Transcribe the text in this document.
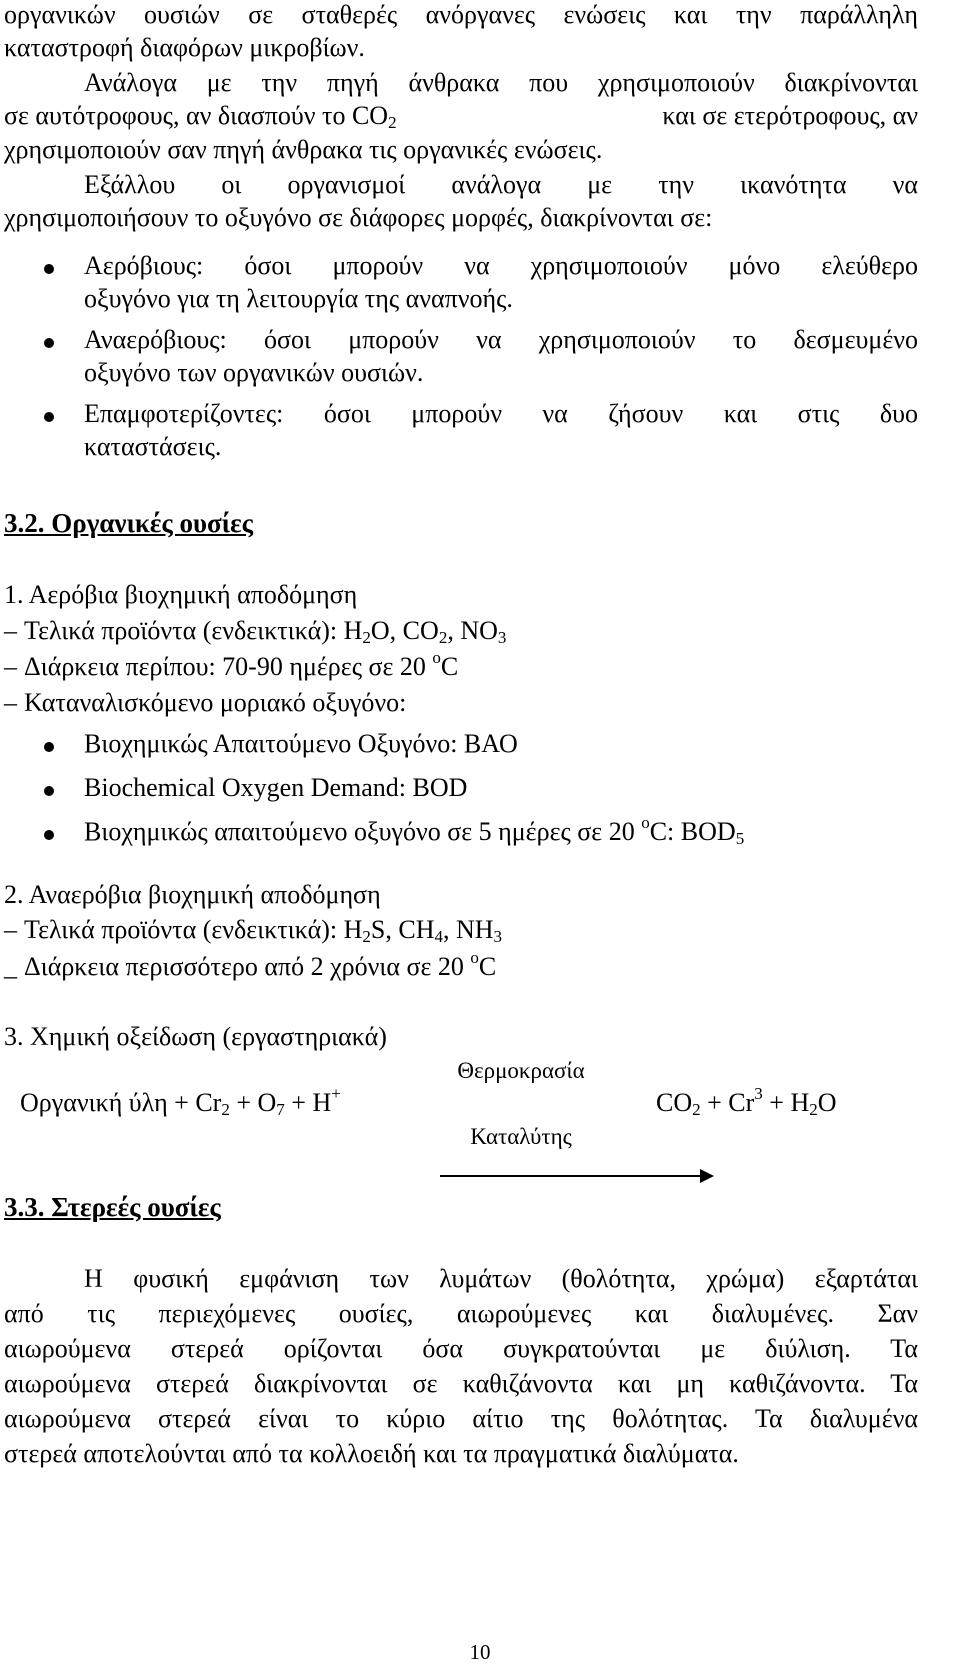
οργανικών ουσιών σε σταθερές ανόργανες ενώσεις και την παράλληλη
καταστροφή διαφόρων μικροβίων.
Ανάλογα με την πηγή άνθρακα που χρησιμοποιούν διακρίνονται
σε αυτότροφους, αν διασπούν το $CO_2$	και σε ετερότροφους, αν
χρησιμοποιούν σαν πηγή άνθρακα τις οργανικές ενώσεις.
Εξάλλου οι οργανισμοί ανάλογα με την ικανότητα να
χρησιμοποιήσουν το οξυγόνο σε διάφορες μορφές, διακρίνονται σε:
Αερόβιους: όσοι μπορούν να χρησιμοποιούν μόνο ελεύθερο
οξυγόνο για τη λειτουργία της αναπνοής.
Αναερόβιους: όσοι μπορούν να χρησιμοποιούν το δεσμευμένο
οξυγόνο των οργανικών ουσιών.
Επαμφοτερίζοντες: όσοι μπορούν να ζήσουν και στις δυο
καταστάσεις.
3.2. Οργανικές ουσίες
1. Αερόβια βιοχημική αποδόμηση
– Τελικά προϊόντα (ενδεικτικά): $H_2O$, $CO_2$, $NO_3$
– Διάρκεια περίπου: 70-90 ημέρες σε 20 $^o$C
– Καταναλισκόμενο μοριακό οξυγόνο:
Βιοχημικώς Απαιτούμενο Οξυγόνο: ΒΑΟ
Biochemical Oxygen Demand: BOD
Βιοχημικώς απαιτούμενο οξυγόνο σε 5 ημέρες σε 20 $^o$C: $BOD_5$
2. Αναερόβια βιοχημική αποδόμηση
– Τελικά προϊόντα (ενδεικτικά): $H_2S$, $CH_4$, $NH_3$
_ Διάρκεια περισσότερο από 2 χρόνια σε 20 $^o$C
3. Χημική οξείδωση (εργαστηριακά)
Θερμοκρασία
Οργανική $ύ\lambda\eta + Cr_2 + O_7 + H^+$	$CO_2 + Cr^3 + H_2O$
Καταλύτης
3.3. Στερεές ουσίες
Η φυσική εμφάνιση των λυμάτων (θολότητα, χρώμα) εξαρτάται
από τις περιεχόμενες ουσίες, αιωρούμενες και διαλυμένες. Σαν
αιωρούμενα στερεά ορίζονται όσα συγκρατούνται με διύλιση. Τα
αιωρούμενα στερεά διακρίνονται σε καθιζάνοντα και μη καθιζάνοντα. Τα
αιωρούμενα στερεά είναι το κύριο αίτιο της θολότητας. Τα διαλυμένα
στερεά αποτελούνται από τα κολλοειδή και τα πραγματικά διαλύματα.
10
